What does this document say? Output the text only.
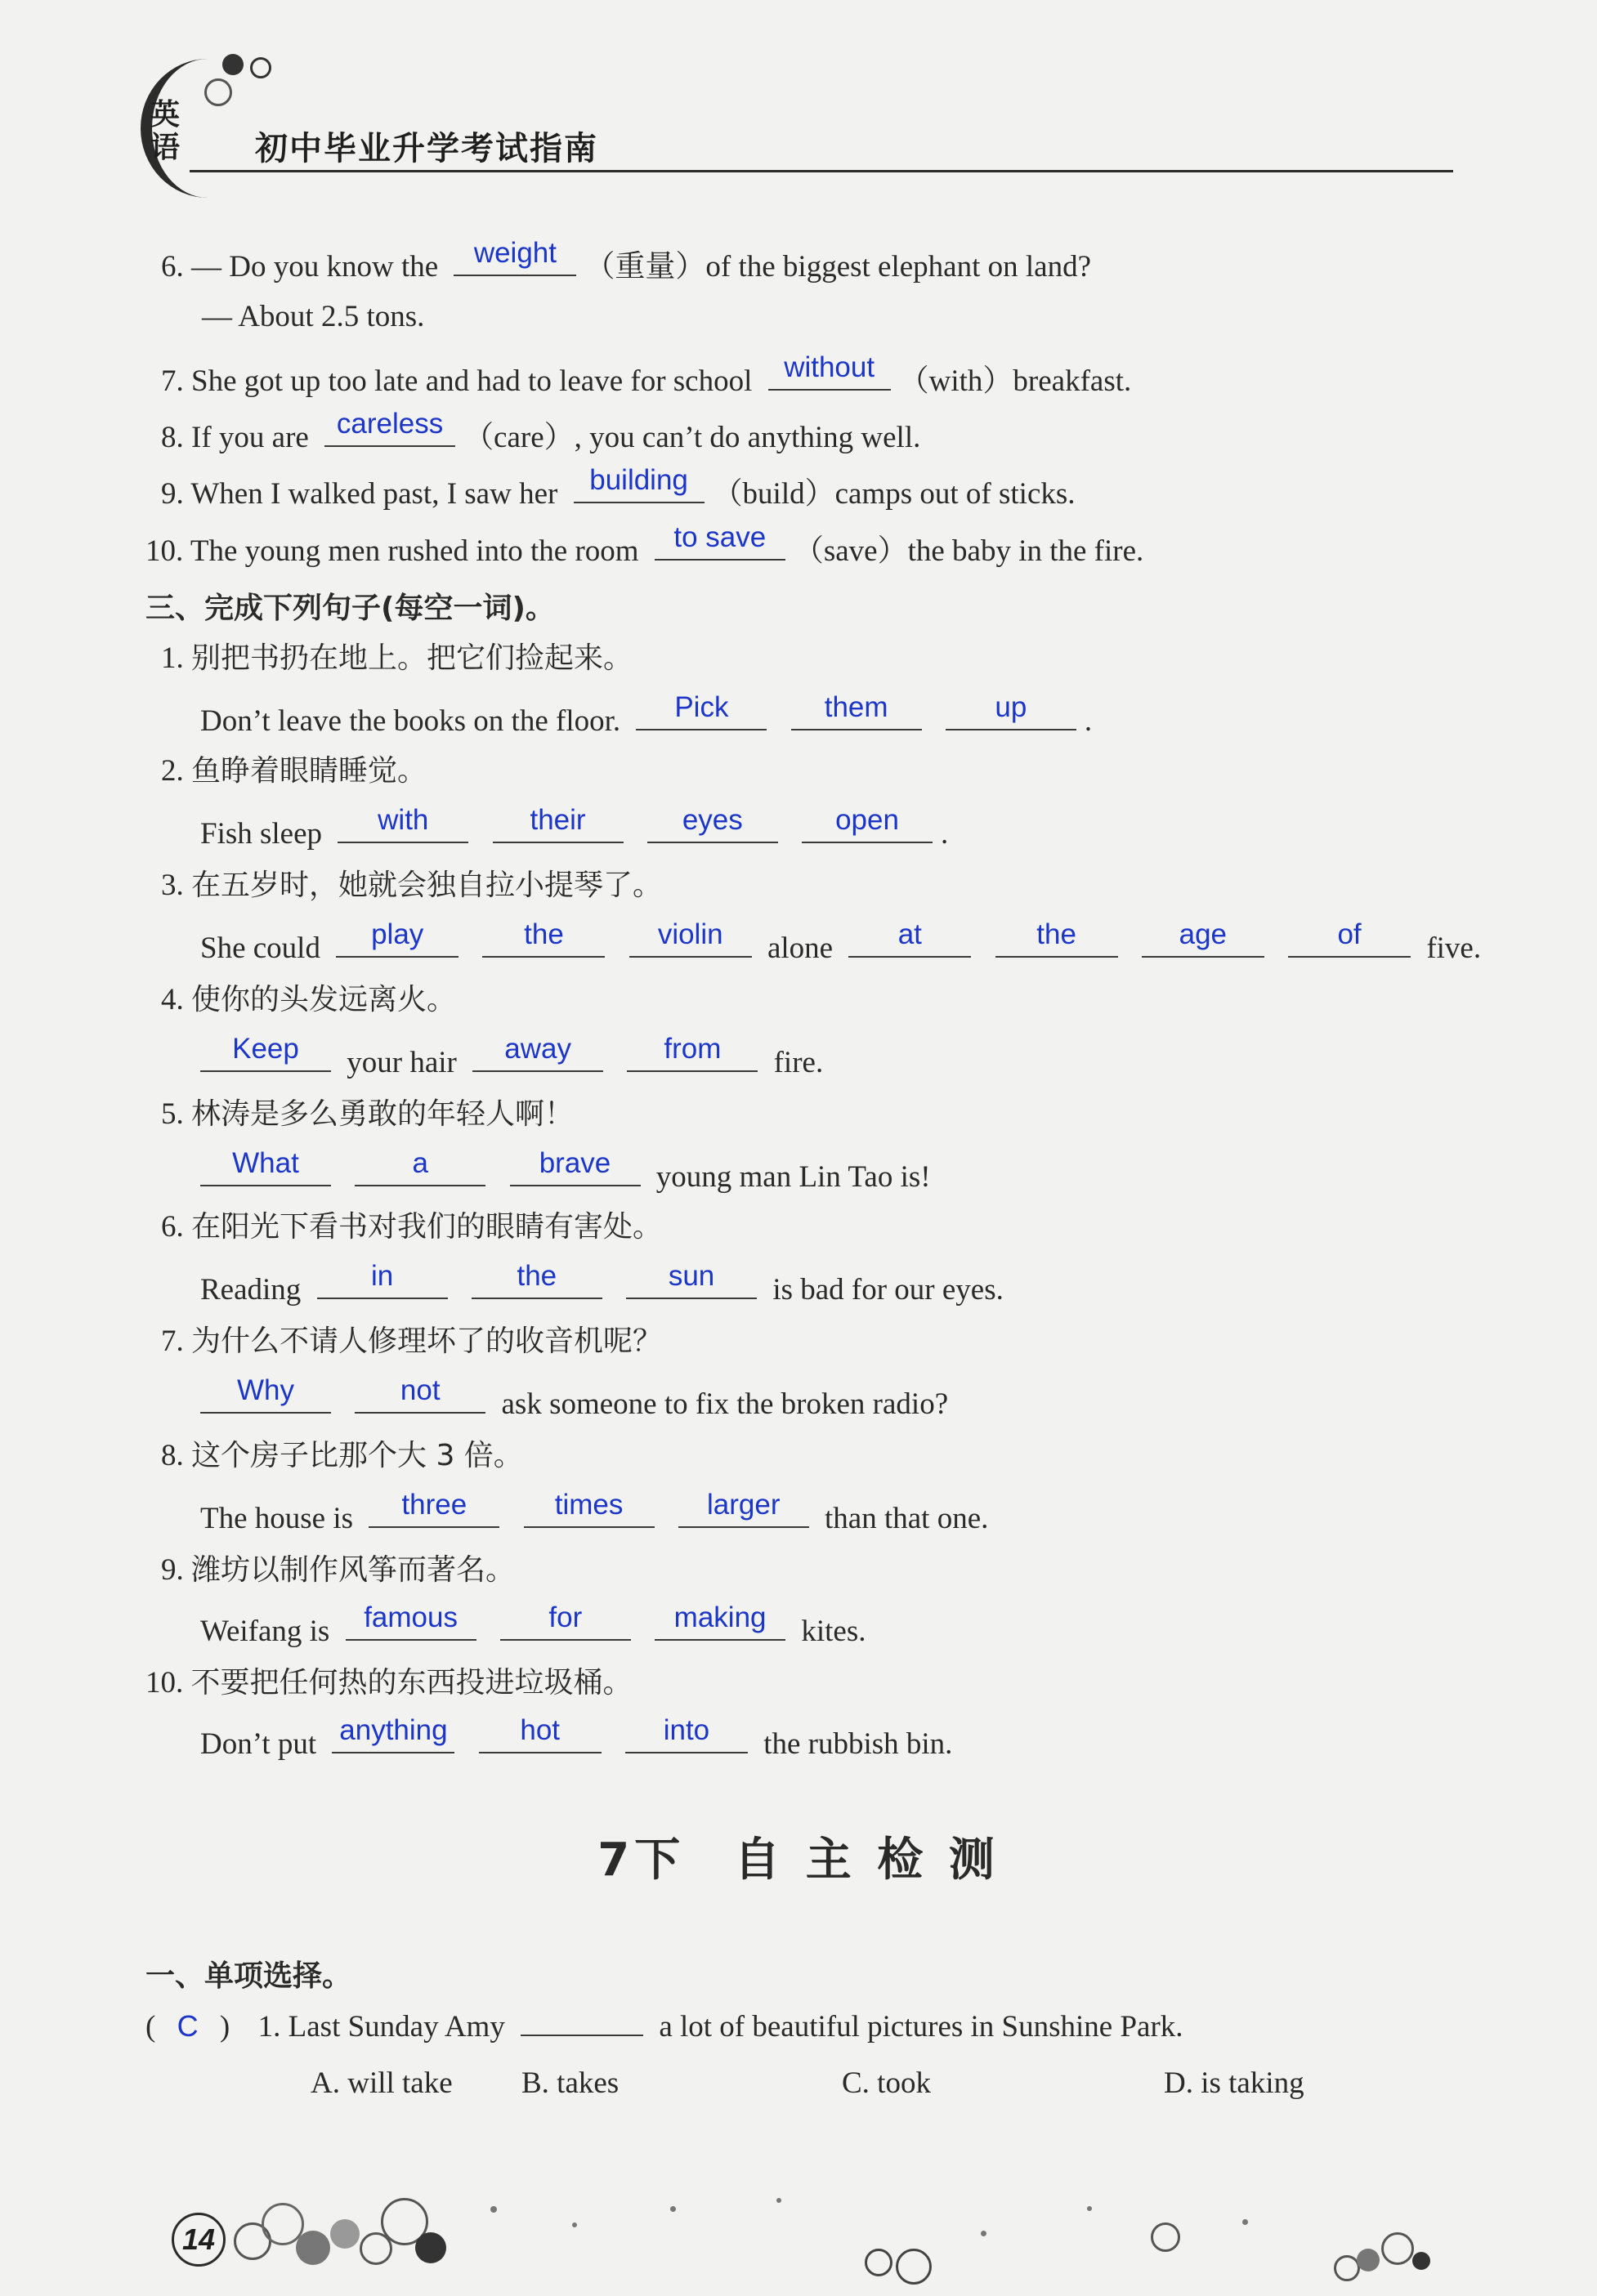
英语	初中毕业升学考试指南
6. — Do you know the	weight （重量）of the biggest elephant on land?
— About 2.5 tons.
7. She got up too late and had to leave for school	without （with）breakfast.
8. If you are careless （care）, you can’t do anything well.
9. When I walked past, I saw her	building （build）camps out of sticks.
10. The young men rushed into the room	to save （save）the baby in the fire.
三、完成下列句子(每空一词)。
1. 别把书扔在地上。把它们捡起来。
Don’t leave the books on the floor.	Pick
	them
	up	.
2. 鱼睁着眼睛睡觉。
Fish sleep	with
	their
	eyes
	open	.
3. 在五岁时，她就会独自拉小提琴了。
She could	play
	the
	violin	alone	at
	the
	age
	of	five.
4. 使你的头发远离火。
Keep	your hair	away
	from	fire.
5. 林涛是多么勇敢的年轻人啊！
What
	a
	brave	young man Lin Tao is!
6. 在阳光下看书对我们的眼睛有害处。
Reading	in
	the
	sun	is bad for our eyes.
7. 为什么不请人修理坏了的收音机呢？
Why
	not	ask someone to fix the broken radio?
8. 这个房子比那个大 3 倍。
The house is	three
	times
	larger	than that one.
9. 潍坊以制作风筝而著名。
Weifang is	famous
	for
	making	kites.
10. 不要把任何热的东西投进垃圾桶。
Don’t put anything
	hot
	into	the rubbish bin.
7下 自 主 检 测
一、单项选择。
( C ) 1. Last Sunday Amy	a lot of beautiful pictures in Sunshine Park.
A. will take B. takes	C. took	D. is taking
14
